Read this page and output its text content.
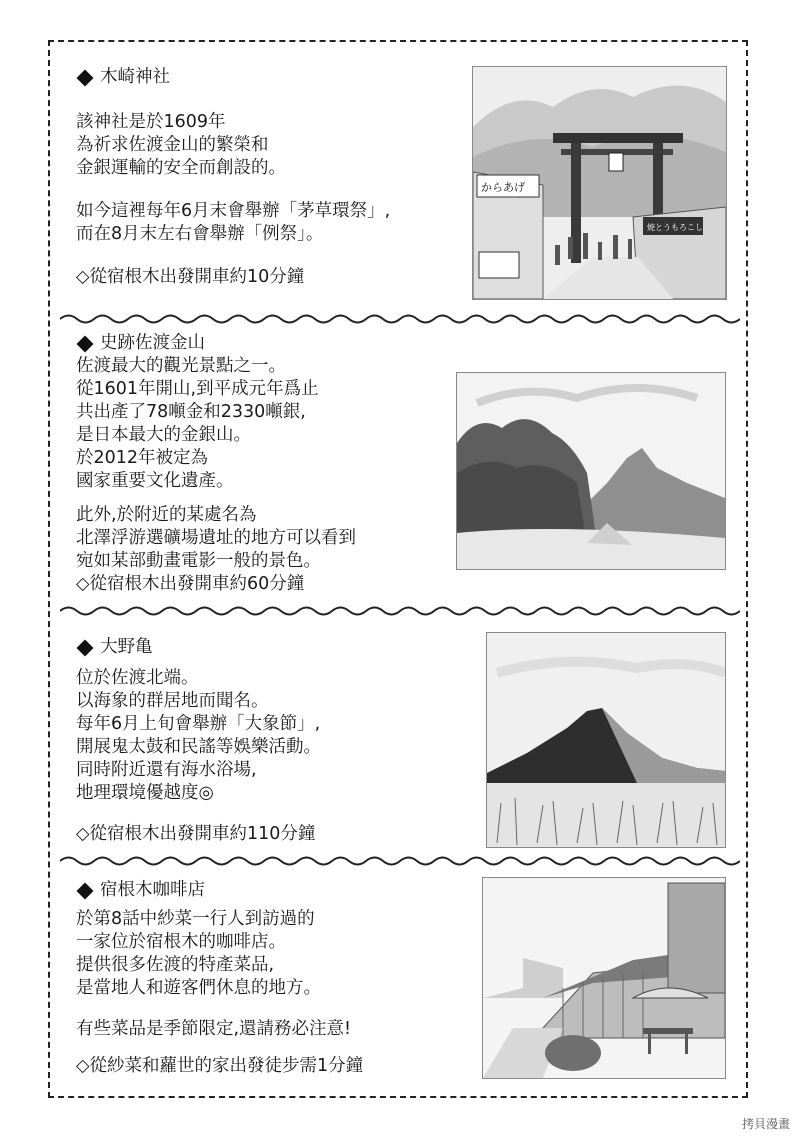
木崎神社
該神社是於1609年
為祈求佐渡金山的繁榮和
金銀運輸的安全而創設的。
如今這裡每年6月末會舉辦「茅草環祭」,
而在8月末左右會舉辦「例祭」。
◇從宿根木出發開車約10分鐘
からあげ
焼とうもろこし
史跡佐渡金山
佐渡最大的觀光景點之一。
從1601年開山,到平成元年爲止
共出產了78噸金和2330噸銀,
是日本最大的金銀山。
於2012年被定為
國家重要文化遺產。
此外,於附近的某處名為
北澤浮游選礦場遺址的地方可以看到
宛如某部動畫電影一般的景色。
◇從宿根木出發開車約60分鐘
大野亀
位於佐渡北端。
以海象的群居地而聞名。
每年6月上旬會舉辦「大象節」,
開展鬼太鼓和民謠等娛樂活動。
同時附近還有海水浴場,
地理環境優越度◎
◇從宿根木出發開車約110分鐘
宿根木咖啡店
於第8話中紗菜一行人到訪過的
一家位於宿根木的咖啡店。
提供很多佐渡的特產菜品,
是當地人和遊客們休息的地方。
有些菜品是季節限定,還請務必注意!
◇從紗菜和蘿世的家出發徒步需1分鐘
拷貝漫畫
